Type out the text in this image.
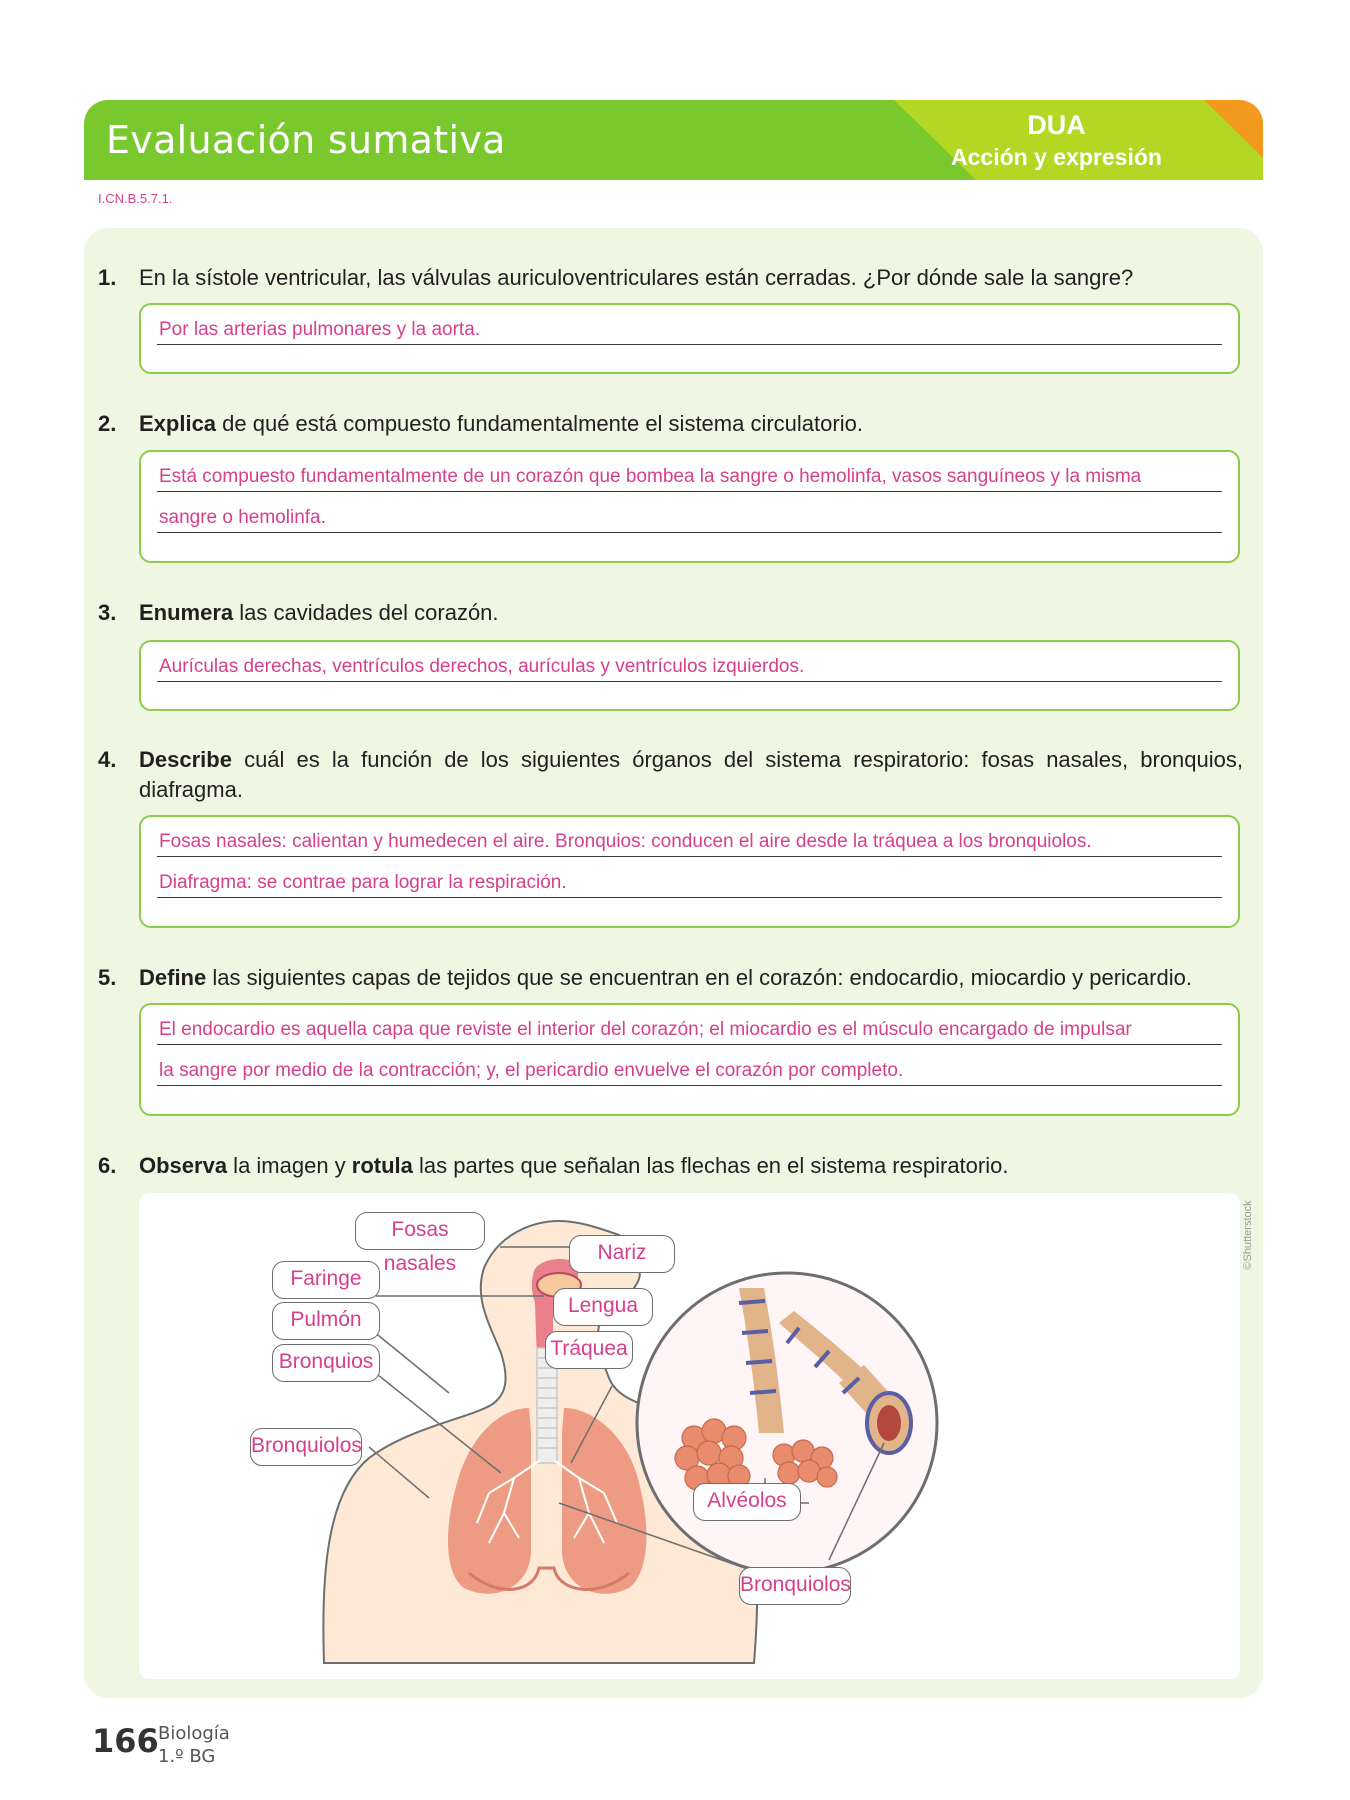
Evaluación sumativa	DUA
Acción y expresión
I.CN.B.5.7.1.
1. En la sístole ventricular, las válvulas auriculoventriculares están cerradas. ¿Por dónde sale la sangre?
Por las arterias pulmonares y la aorta.
2. Explica de qué está compuesto fundamentalmente el sistema circulatorio.
Está compuesto fundamentalmente de un corazón que bombea la sangre o hemolinfa, vasos sanguíneos y la misma
sangre o hemolinfa.
3. Enumera las cavidades del corazón.
Aurículas derechas, ventrículos derechos, aurículas y ventrículos izquierdos.
4. Describe cuál es la función de los siguientes órganos del sistema respiratorio: fosas nasales, bronquios, diafragma.
Fosas nasales: calientan y humedecen el aire. Bronquios: conducen el aire desde la tráquea a los bronquiolos.
Diafragma: se contrae para lograr la respiración.
5. Define las siguientes capas de tejidos que se encuentran en el corazón: endocardio, miocardio y pericardio.
El endocardio es aquella capa que reviste el interior del corazón; el miocardio es el músculo encargado de impulsar
la sangre por medio de la contracción; y, el pericardio envuelve el corazón por completo.
6. Observa la imagen y rotula las partes que señalan las flechas en el sistema respiratorio.
Fosas nasales	Nariz
Faringe
Lengua
Pulmón
Tráquea
Bronquios
Bronquiolos
Alvéolos
Bronquiolos
©Shutterstock
166 Biología
1.º BG
